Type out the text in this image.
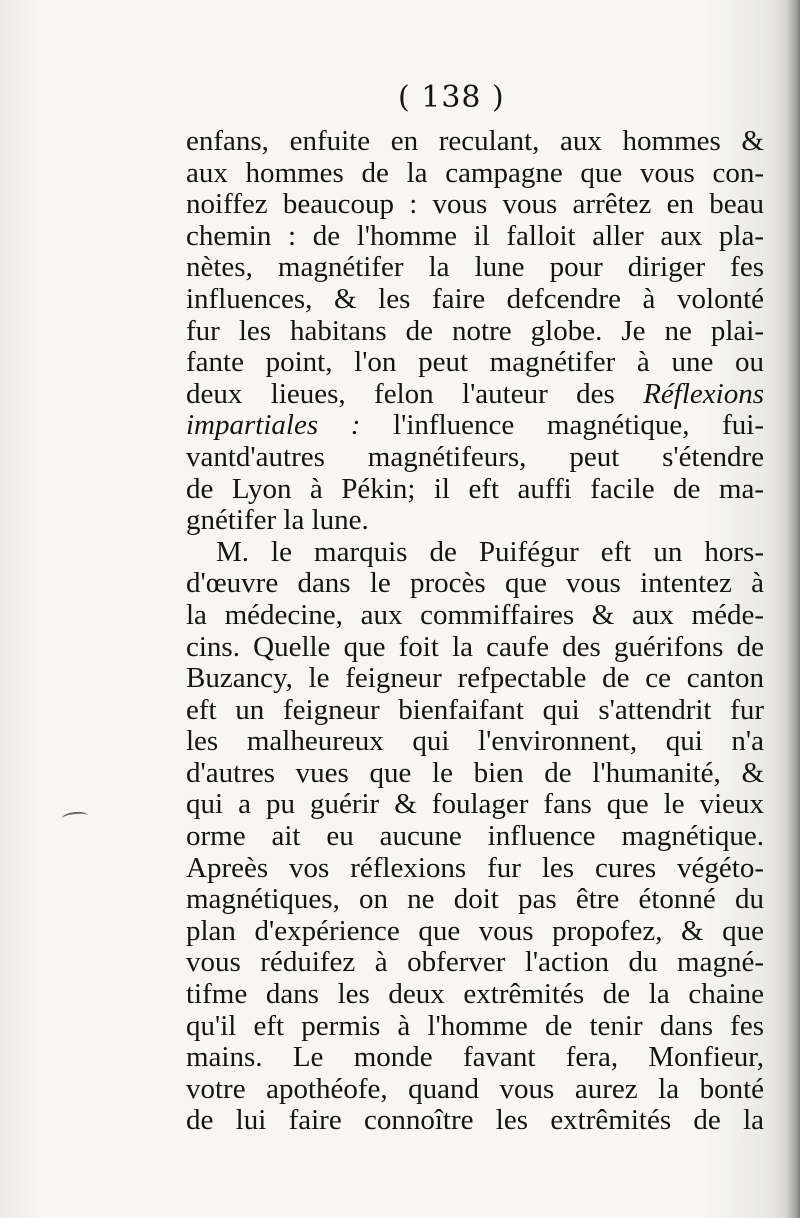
( 138 )
enfans, enfuite en reculant, aux hommes &
aux hommes de la campagne que vous con-
noiffez beaucoup : vous vous arrêtez en beau
chemin : de l'homme il falloit aller aux pla-
nètes, magnétifer la lune pour diriger fes
influences, & les faire defcendre à volonté
fur les habitans de notre globe. Je ne plai-
fante point, l'on peut magnétifer à une ou
deux lieues, felon l'auteur des Réflexions
impartiales : l'influence magnétique, fui-
vantd'autres magnétifeurs, peut s'étendre
de Lyon à Pékin; il eft auffi facile de ma-
gnétifer la lune.
M. le marquis de Puifégur eft un hors-
d'œuvre dans le procès que vous intentez à
la médecine, aux commiffaires & aux méde-
cins. Quelle que foit la caufe des guérifons de
Buzancy, le feigneur refpectable de ce canton
eft un feigneur bienfaifant qui s'attendrit fur
les malheureux qui l'environnent, qui n'a
d'autres vues que le bien de l'humanité, &
qui a pu guérir & foulager fans que le vieux
orme ait eu aucune influence magnétique.
Apreès vos réflexions fur les cures végéto-
magnétiques, on ne doit pas être étonné du
plan d'expérience que vous propofez, & que
vous réduifez à obferver l'action du magné-
tifme dans les deux extrêmités de la chaine
qu'il eft permis à l'homme de tenir dans fes
mains. Le monde favant fera, Monfieur,
votre apothéofe, quand vous aurez la bonté
de lui faire connoître les extrêmités de la
